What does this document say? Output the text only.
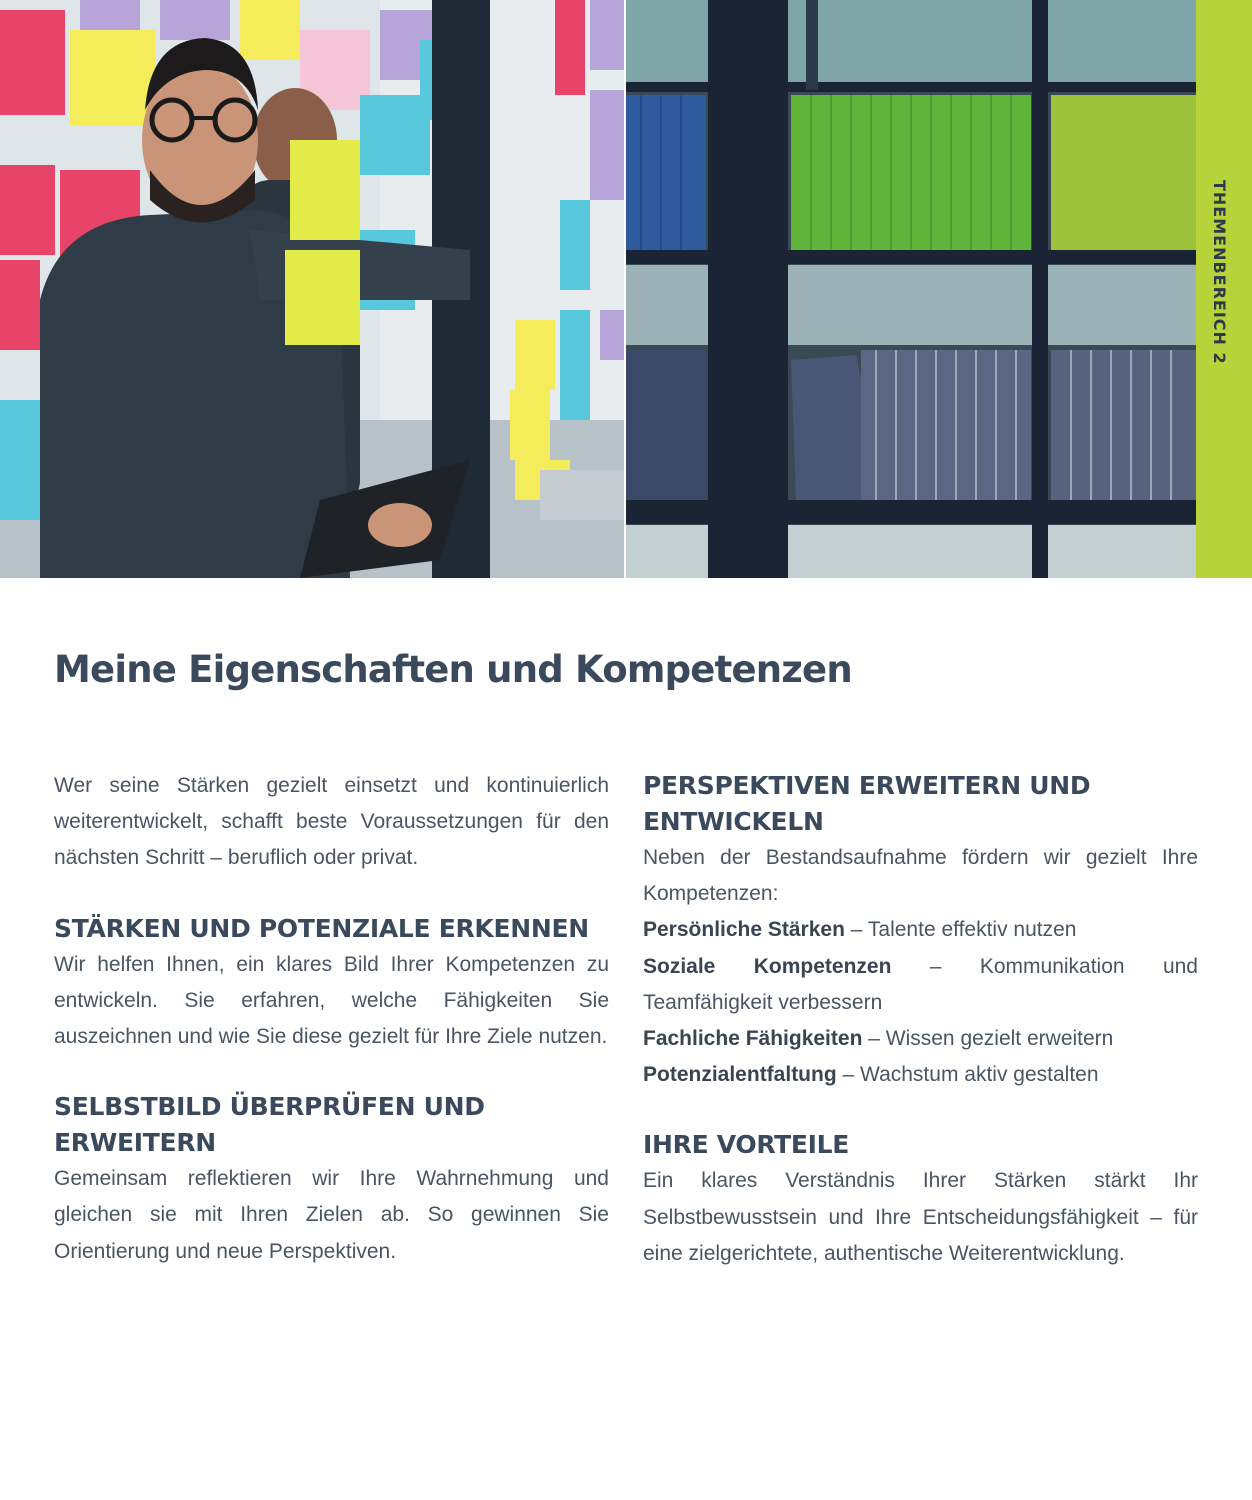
THEMENBEREICH 2
Meine Eigenschaften und Kompetenzen

Wer seine Stärken gezielt einsetzt und kontinuierlich weiterentwickelt, schafft beste Voraussetzungen für den nächsten Schritt – beruflich oder privat.

STÄRKEN UND POTENZIALE ERKENNEN

Wir helfen Ihnen, ein klares Bild Ihrer Kompetenzen zu entwickeln. Sie erfahren, welche Fähigkeiten Sie auszeichnen und wie Sie diese gezielt für Ihre Ziele nutzen.

SELBSTBILD ÜBERPRÜFEN UND ERWEITERN

Gemeinsam reflektieren wir Ihre Wahrnehmung und gleichen sie mit Ihren Zielen ab. So gewinnen Sie Orientierung und neue Perspektiven.

PERSPEKTIVEN ERWEITERN UND ENTWICKELN

Neben der Bestandsaufnahme fördern wir gezielt Ihre Kompetenzen:

Persönliche Stärken – Talente effektiv nutzen

Soziale Kompetenzen – Kommunikation und Teamfähigkeit verbessern

Fachliche Fähigkeiten – Wissen gezielt erweitern

Potenzialentfaltung – Wachstum aktiv gestalten

IHRE VORTEILE

Ein klares Verständnis Ihrer Stärken stärkt Ihr Selbstbewusstsein und Ihre Entscheidungsfähigkeit – für eine zielgerichtete, authentische Weiterentwicklung.
